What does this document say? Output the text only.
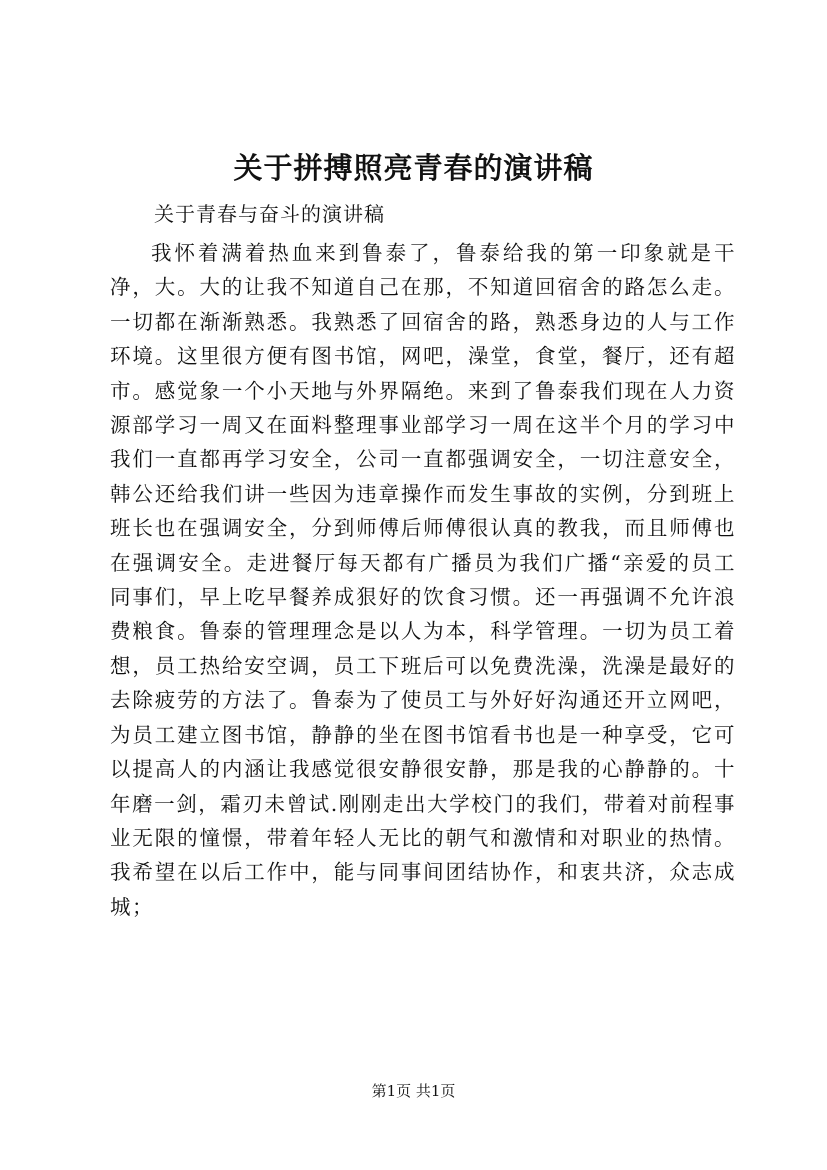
关于拼搏照亮青春的演讲稿

关于青春与奋斗的演讲稿

我怀着满着热血来到鲁泰了，鲁泰给我的第一印象就是干净，大。大的让我不知道自己在那，不知道回宿舍的路怎么走。一切都在渐渐熟悉。我熟悉了回宿舍的路，熟悉身边的人与工作环境。这里很方便有图书馆，网吧，澡堂，食堂，餐厅，还有超市。感觉象一个小天地与外界隔绝。来到了鲁泰我们现在人力资源部学习一周又在面料整理事业部学习一周在这半个月的学习中我们一直都再学习安全，公司一直都强调安全，一切注意安全，韩公还给我们讲一些因为违章操作而发生事故的实例，分到班上班长也在强调安全，分到师傅后师傅很认真的教我，而且师傅也在强调安全。走进餐厅每天都有广播员为我们广播“亲爱的员工同事们，早上吃早餐养成狠好的饮食习惯。还一再强调不允许浪费粮食。鲁泰的管理理念是以人为本，科学管理。一切为员工着想，员工热给安空调，员工下班后可以免费洗澡，洗澡是最好的去除疲劳的方法了。鲁泰为了使员工与外好好沟通还开立网吧，为员工建立图书馆，静静的坐在图书馆看书也是一种享受，它可以提高人的内涵让我感觉很安静很安静，那是我的心静静的。十年磨一剑，霜刃未曾试.刚刚走出大学校门的我们，带着对前程事业无限的憧憬，带着年轻人无比的朝气和激情和对职业的热情。我希望在以后工作中，能与同事间团结协作，和衷共济，众志成城；

第1页 共1页
